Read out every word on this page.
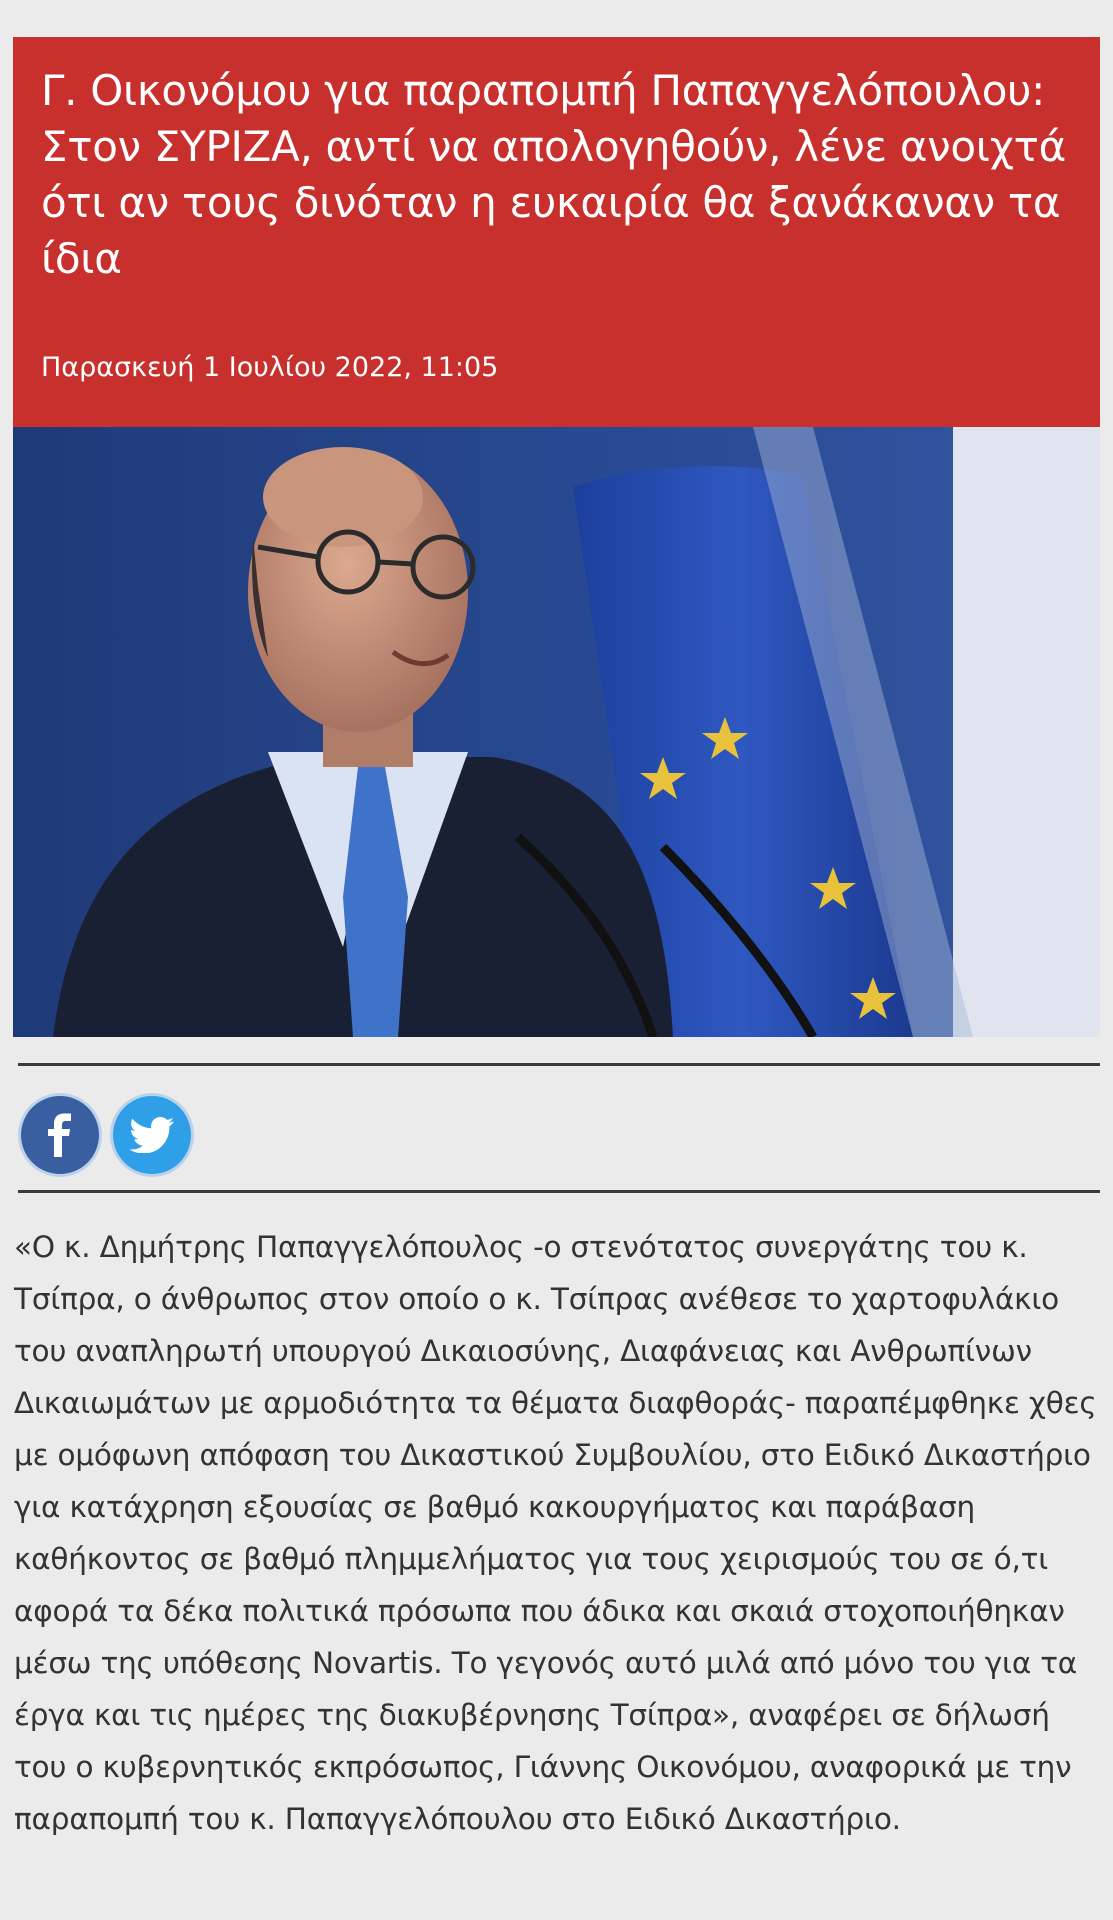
Γ. Οικονόμου για παραπομπή Παπαγγελόπουλου: Στον ΣΥΡΙΖΑ, αντί να απολογηθούν, λένε ανοιχτά ότι αν τους δινόταν η ευκαιρία θα ξανάκαναν τα ίδια
Παρασκευή 1 Ιουλίου 2022, 11:05

«Ο κ. Δημήτρης Παπαγγελόπουλος -ο στενότατος συνεργάτης του κ. Τσίπρα, ο άνθρωπος στον οποίο ο κ. Τσίπρας ανέθεσε το χαρτοφυλάκιο του αναπληρωτή υπουργού Δικαιοσύνης, Διαφάνειας και Ανθρωπίνων Δικαιωμάτων με αρμοδιότητα τα θέματα διαφθοράς- παραπέμφθηκε χθες με ομόφωνη απόφαση του Δικαστικού Συμβουλίου, στο Ειδικό Δικαστήριο για κατάχρηση εξουσίας σε βαθμό κακουργήματος και παράβαση καθήκοντος σε βαθμό πλημμελήματος για τους χειρισμούς του σε ό,τι αφορά τα δέκα πολιτικά πρόσωπα που άδικα και σκαιά στοχοποιήθηκαν μέσω της υπόθεσης Novartis. Το γεγονός αυτό μιλά από μόνο του για τα έργα και τις ημέρες της διακυβέρνησης Τσίπρα», αναφέρει σε δήλωσή του ο κυβερνητικός εκπρόσωπος, Γιάννης Οικονόμου, αναφορικά με την παραπομπή του κ. Παπαγγελόπουλου στο Ειδικό Δικαστήριο.
